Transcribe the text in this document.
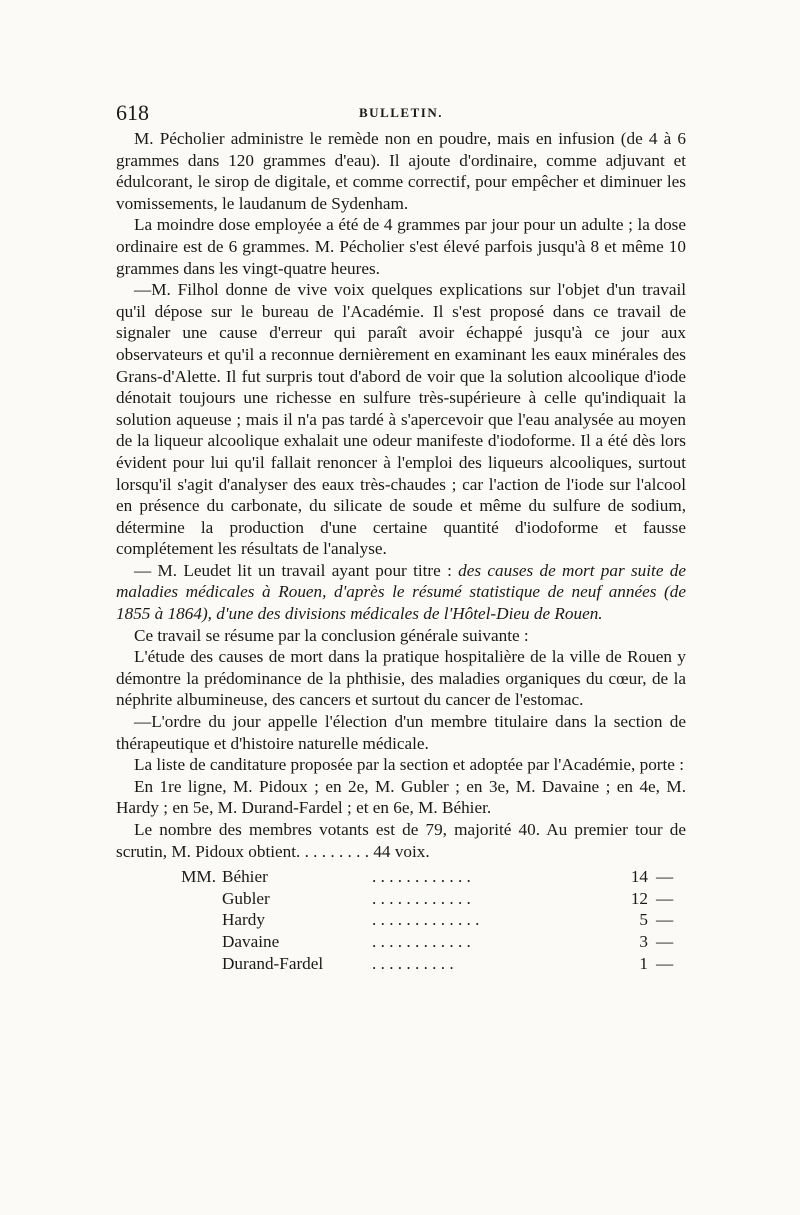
618	BULLETIN.

M. Pécholier administre le remède non en poudre, mais en infusion (de 4 à 6 grammes dans 120 grammes d'eau). Il ajoute d'ordinaire, comme adjuvant et édulcorant, le sirop de digitale, et comme correctif, pour empêcher et diminuer les vomissements, le laudanum de Sydenham.

La moindre dose employée a été de 4 grammes par jour pour un adulte ; la dose ordinaire est de 6 grammes. M. Pécholier s'est élevé parfois jusqu'à 8 et même 10 grammes dans les vingt-quatre heures.

—M. Filhol donne de vive voix quelques explications sur l'objet d'un travail qu'il dépose sur le bureau de l'Académie. Il s'est proposé dans ce travail de signaler une cause d'erreur qui paraît avoir échappé jusqu'à ce jour aux observateurs et qu'il a reconnue dernièrement en examinant les eaux minérales des Grans-d'Alette. Il fut surpris tout d'abord de voir que la solution alcoolique d'iode dénotait toujours une richesse en sulfure très-supérieure à celle qu'indiquait la solution aqueuse ; mais il n'a pas tardé à s'apercevoir que l'eau analysée au moyen de la liqueur alcoolique exhalait une odeur manifeste d'iodoforme. Il a été dès lors évident pour lui qu'il fallait renoncer à l'emploi des liqueurs alcooliques, surtout lorsqu'il s'agit d'analyser des eaux très-chaudes ; car l'action de l'iode sur l'alcool en présence du carbonate, du silicate de soude et même du sulfure de sodium, détermine la production d'une certaine quantité d'iodoforme et fausse complétement les résultats de l'analyse.

— M. Leudet lit un travail ayant pour titre : des causes de mort par suite de maladies médicales à Rouen, d'après le résumé statistique de neuf années (de 1855 à 1864), d'une des divisions médicales de l'Hôtel-Dieu de Rouen.

Ce travail se résume par la conclusion générale suivante :

L'étude des causes de mort dans la pratique hospitalière de la ville de Rouen y démontre la prédominance de la phthisie, des maladies organiques du cœur, de la néphrite albumineuse, des cancers et surtout du cancer de l'estomac.

—L'ordre du jour appelle l'élection d'un membre titulaire dans la section de thérapeutique et d'histoire naturelle médicale.

La liste de canditature proposée par la section et adoptée par l'Académie, porte :

En 1re ligne, M. Pidoux ; en 2e, M. Gubler ; en 3e, M. Davaine ; en 4e, M. Hardy ; en 5e, M. Durand-Fardel ; et en 6e, M. Béhier.

Le nombre des membres votants est de 79, majorité 40. Au premier tour de scrutin, M. Pidoux obtient. . . . . . . . . 44 voix.

MM. Béhier	. . . . . . . . . . . .	14 —
Gubler	. . . . . . . . . . . .	12 —
Hardy	. . . . . . . . . . . . .	5 —
Davaine	. . . . . . . . . . . .	3 —
Durand-Fardel	. . . . . . . . . .	1 —
